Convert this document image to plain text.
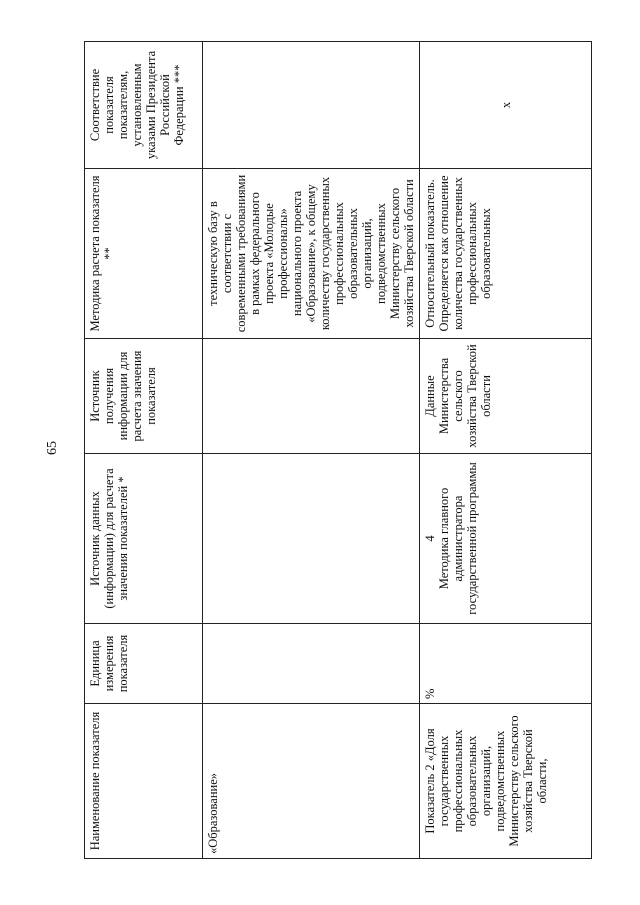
65
Наименование показателя	Единица измерения показателя	Источник данных (информации) для расчета значения показателей *	Источник получения информации для расчета значения показателя	Методика расчета показателя **	Соответствие показателя показателям, установленным указами Президента Российской Федерации ***
«Образование»				техническую базу в соответствии с современными требованиями в рамках федерального проекта «Молодые профессионалы» национального проекта «Образование», к общему количеству государственных профессиональных образовательных организаций, подведомственных Министерству сельского хозяйства Тверской области	
Показатель 2 «Доля государственных профессиональных образовательных организаций, подведомственных Министерству сельского хозяйства Тверской области,	%	4 Методика главного администратора государственной программы	Данные Министерства сельского хозяйства Тверской области	Относительный показатель. Определяется как отношение количества государственных профессиональных образовательных	х
